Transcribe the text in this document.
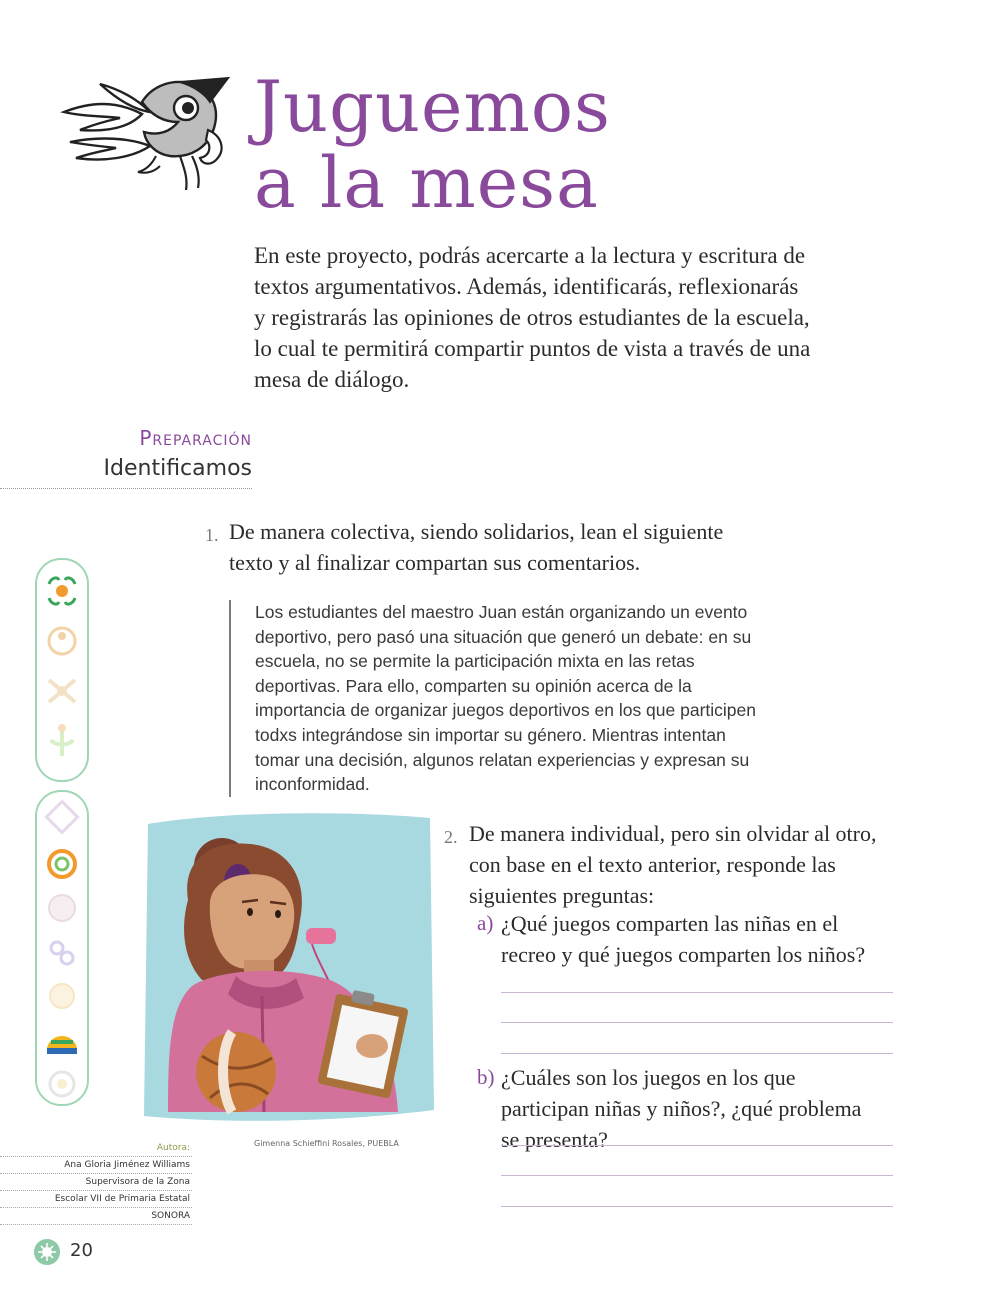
Juguemos
a la mesa
En este proyecto, podrás acercarte a la lectura y escritura de textos argumentativos. Además, identificarás, reflexionarás y registrarás las opiniones de otros estudiantes de la escuela, lo cual te permitirá compartir puntos de vista a través de una mesa de diálogo.
Preparación
Identificamos
1. De manera colectiva, siendo solidarios, lean el siguiente texto y al finalizar compartan sus comentarios.
Los estudiantes del maestro Juan están organizando un evento deportivo, pero pasó una situación que generó un debate: en su escuela, no se permite la participación mixta en las retas deportivas. Para ello, comparten su opinión acerca de la importancia de organizar juegos deportivos en los que participen todxs integrándose sin importar su género. Mientras intentan tomar una decisión, algunos relatan experiencias y expresan su inconformidad.
Gimenna Schieffini Rosales, PUEBLA
2. De manera individual, pero sin olvidar al otro, con base en el texto anterior, responde las siguientes preguntas:
a) ¿Qué juegos comparten las niñas en el recreo y qué juegos comparten los niños?
b) ¿Cuáles son los juegos en los que participan niñas y niños?, ¿qué problema se presenta?
Autora:
Ana Gloria Jiménez Williams
Supervisora de la Zona
Escolar VII de Primaria Estatal
SONORA
20
